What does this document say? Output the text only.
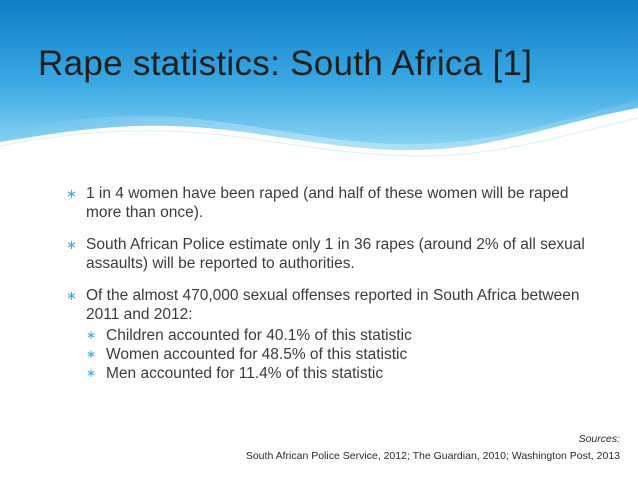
Rape statistics: South Africa [1]
∗ 1 in 4 women have been raped (and half of these women will be raped more than once).
∗ South African Police estimate only 1 in 36 rapes (around 2% of all sexual assaults) will be reported to authorities.
∗ Of the almost 470,000 sexual offenses reported in South Africa between 2011 and 2012:
∗ Children accounted for 40.1% of this statistic
∗ Women accounted for 48.5% of this statistic
∗ Men accounted for 11.4% of this statistic
Sources:
South African Police Service, 2012; The Guardian, 2010; Washington Post, 2013
